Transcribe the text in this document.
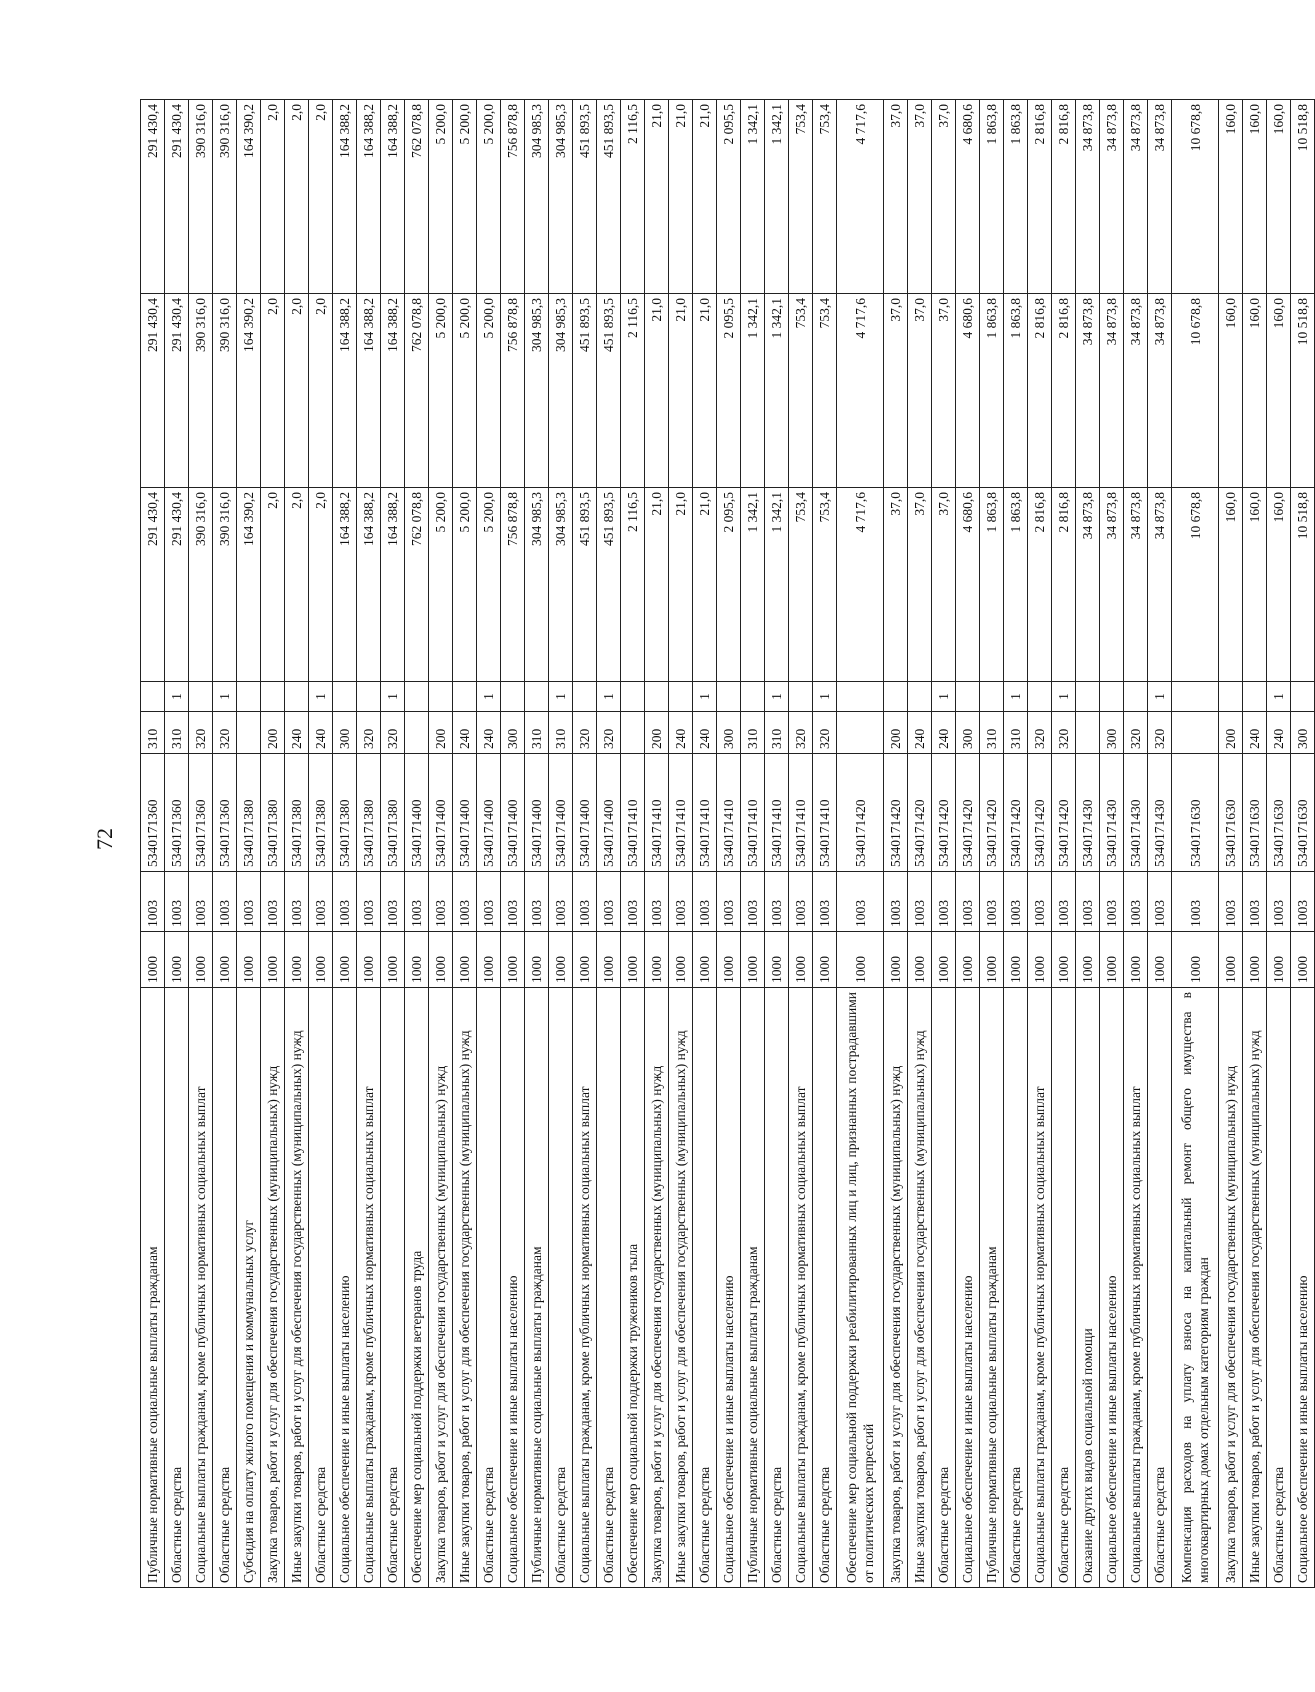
72
Публичные нормативные социальные выплаты гражданам	1000	1003	5340171360	310		291 430,4	291 430,4	291 430,4
Областные средства	1000	1003	5340171360	310	1	291 430,4	291 430,4	291 430,4
Социальные выплаты гражданам, кроме публичных нормативных социальных выплат	1000	1003	5340171360	320		390 316,0	390 316,0	390 316,0
Областные средства	1000	1003	5340171360	320	1	390 316,0	390 316,0	390 316,0
Субсидия на оплату жилого помещения и коммунальных услуг	1000	1003	5340171380			164 390,2	164 390,2	164 390,2
Закупка товаров, работ и услуг для обеспечения государственных (муниципальных) нужд	1000	1003	5340171380	200		2,0	2,0	2,0
Иные закупки товаров, работ и услуг для обеспечения государственных (муниципальных) нужд	1000	1003	5340171380	240		2,0	2,0	2,0
Областные средства	1000	1003	5340171380	240	1	2,0	2,0	2,0
Социальное обеспечение и иные выплаты населению	1000	1003	5340171380	300		164 388,2	164 388,2	164 388,2
Социальные выплаты гражданам, кроме публичных нормативных социальных выплат	1000	1003	5340171380	320		164 388,2	164 388,2	164 388,2
Областные средства	1000	1003	5340171380	320	1	164 388,2	164 388,2	164 388,2
Обеспечение мер социальной поддержки ветеранов труда	1000	1003	5340171400			762 078,8	762 078,8	762 078,8
Закупка товаров, работ и услуг для обеспечения государственных (муниципальных) нужд	1000	1003	5340171400	200		5 200,0	5 200,0	5 200,0
Иные закупки товаров, работ и услуг для обеспечения государственных (муниципальных) нужд	1000	1003	5340171400	240		5 200,0	5 200,0	5 200,0
Областные средства	1000	1003	5340171400	240	1	5 200,0	5 200,0	5 200,0
Социальное обеспечение и иные выплаты населению	1000	1003	5340171400	300		756 878,8	756 878,8	756 878,8
Публичные нормативные социальные выплаты гражданам	1000	1003	5340171400	310		304 985,3	304 985,3	304 985,3
Областные средства	1000	1003	5340171400	310	1	304 985,3	304 985,3	304 985,3
Социальные выплаты гражданам, кроме публичных нормативных социальных выплат	1000	1003	5340171400	320		451 893,5	451 893,5	451 893,5
Областные средства	1000	1003	5340171400	320	1	451 893,5	451 893,5	451 893,5
Обеспечение мер социальной поддержки тружеников тыла	1000	1003	5340171410			2 116,5	2 116,5	2 116,5
Закупка товаров, работ и услуг для обеспечения государственных (муниципальных) нужд	1000	1003	5340171410	200		21,0	21,0	21,0
Иные закупки товаров, работ и услуг для обеспечения государственных (муниципальных) нужд	1000	1003	5340171410	240		21,0	21,0	21,0
Областные средства	1000	1003	5340171410	240	1	21,0	21,0	21,0
Социальное обеспечение и иные выплаты населению	1000	1003	5340171410	300		2 095,5	2 095,5	2 095,5
Публичные нормативные социальные выплаты гражданам	1000	1003	5340171410	310		1 342,1	1 342,1	1 342,1
Областные средства	1000	1003	5340171410	310	1	1 342,1	1 342,1	1 342,1
Социальные выплаты гражданам, кроме публичных нормативных социальных выплат	1000	1003	5340171410	320		753,4	753,4	753,4
Областные средства	1000	1003	5340171410	320	1	753,4	753,4	753,4
Обеспечение мер социальной поддержки реабилитированных лиц и лиц, признанных пострадавшими от политических репрессий	1000	1003	5340171420			4 717,6	4 717,6	4 717,6
Закупка товаров, работ и услуг для обеспечения государственных (муниципальных) нужд	1000	1003	5340171420	200		37,0	37,0	37,0
Иные закупки товаров, работ и услуг для обеспечения государственных (муниципальных) нужд	1000	1003	5340171420	240		37,0	37,0	37,0
Областные средства	1000	1003	5340171420	240	1	37,0	37,0	37,0
Социальное обеспечение и иные выплаты населению	1000	1003	5340171420	300		4 680,6	4 680,6	4 680,6
Публичные нормативные социальные выплаты гражданам	1000	1003	5340171420	310		1 863,8	1 863,8	1 863,8
Областные средства	1000	1003	5340171420	310	1	1 863,8	1 863,8	1 863,8
Социальные выплаты гражданам, кроме публичных нормативных социальных выплат	1000	1003	5340171420	320		2 816,8	2 816,8	2 816,8
Областные средства	1000	1003	5340171420	320	1	2 816,8	2 816,8	2 816,8
Оказание других видов социальной помощи	1000	1003	5340171430			34 873,8	34 873,8	34 873,8
Социальное обеспечение и иные выплаты населению	1000	1003	5340171430	300		34 873,8	34 873,8	34 873,8
Социальные выплаты гражданам, кроме публичных нормативных социальных выплат	1000	1003	5340171430	320		34 873,8	34 873,8	34 873,8
Областные средства	1000	1003	5340171430	320	1	34 873,8	34 873,8	34 873,8
Компенсация расходов на уплату взноса на капитальный ремонт общего имущества в многоквартирных домах отдельным категориям граждан	1000	1003	5340171630			10 678,8	10 678,8	10 678,8
Закупка товаров, работ и услуг для обеспечения государственных (муниципальных) нужд	1000	1003	5340171630	200		160,0	160,0	160,0
Иные закупки товаров, работ и услуг для обеспечения государственных (муниципальных) нужд	1000	1003	5340171630	240		160,0	160,0	160,0
Областные средства	1000	1003	5340171630	240	1	160,0	160,0	160,0
Социальное обеспечение и иные выплаты населению	1000	1003	5340171630	300		10 518,8	10 518,8	10 518,8
